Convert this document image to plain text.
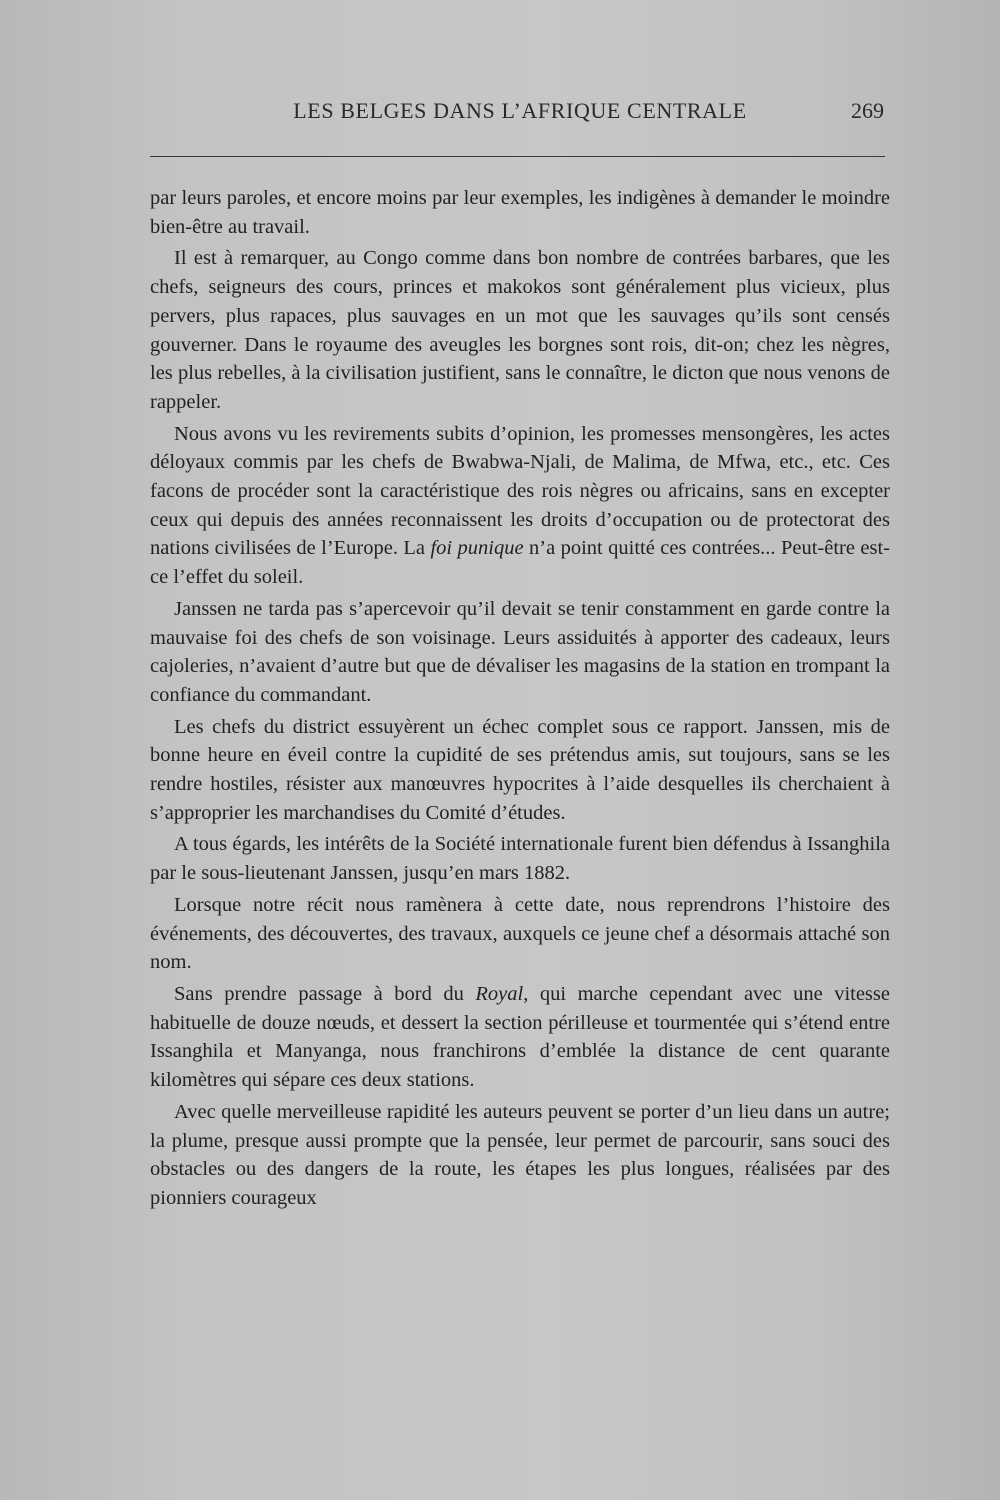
LES BELGES DANS L’AFRIQUE CENTRALE	269

par leurs paroles, et encore moins par leur exemples, les indigènes à demander le moindre bien-être au travail.

Il est à remarquer, au Congo comme dans bon nombre de contrées barbares, que les chefs, seigneurs des cours, princes et makokos sont généralement plus vicieux, plus pervers, plus rapaces, plus sauvages en un mot que les sauvages qu’ils sont censés gouverner. Dans le royaume des aveugles les borgnes sont rois, dit-on; chez les nègres, les plus rebelles, à la civilisation justifient, sans le connaître, le dicton que nous venons de rappeler.

Nous avons vu les revirements subits d’opinion, les promesses mensongères, les actes déloyaux commis par les chefs de Bwabwa-Njali, de Malima, de Mfwa, etc., etc. Ces facons de procéder sont la caractéristique des rois nègres ou africains, sans en excepter ceux qui depuis des années reconnaissent les droits d’occupation ou de protectorat des nations civilisées de l’Europe. La foi punique n’a point quitté ces contrées... Peut-être est-ce l’effet du soleil.

Janssen ne tarda pas s’apercevoir qu’il devait se tenir constamment en garde contre la mauvaise foi des chefs de son voisinage. Leurs assiduités à apporter des cadeaux, leurs cajoleries, n’avaient d’autre but que de dévaliser les magasins de la station en trompant la confiance du commandant.

Les chefs du district essuyèrent un échec complet sous ce rapport. Janssen, mis de bonne heure en éveil contre la cupidité de ses prétendus amis, sut toujours, sans se les rendre hostiles, résister aux manœuvres hypocrites à l’aide desquelles ils cherchaient à s’approprier les marchandises du Comité d’études.

A tous égards, les intérêts de la Société internationale furent bien défendus à Issanghila par le sous-lieutenant Janssen, jusqu’en mars 1882.

Lorsque notre récit nous ramènera à cette date, nous reprendrons l’histoire des événements, des découvertes, des travaux, auxquels ce jeune chef a désormais attaché son nom.

Sans prendre passage à bord du Royal, qui marche cependant avec une vitesse habituelle de douze nœuds, et dessert la section périlleuse et tourmentée qui s’étend entre Issanghila et Manyanga, nous franchirons d’emblée la distance de cent quarante kilomètres qui sépare ces deux stations.

Avec quelle merveilleuse rapidité les auteurs peuvent se porter d’un lieu dans un autre; la plume, presque aussi prompte que la pensée, leur permet de parcourir, sans souci des obstacles ou des dangers de la route, les étapes les plus longues, réalisées par des pionniers courageux
